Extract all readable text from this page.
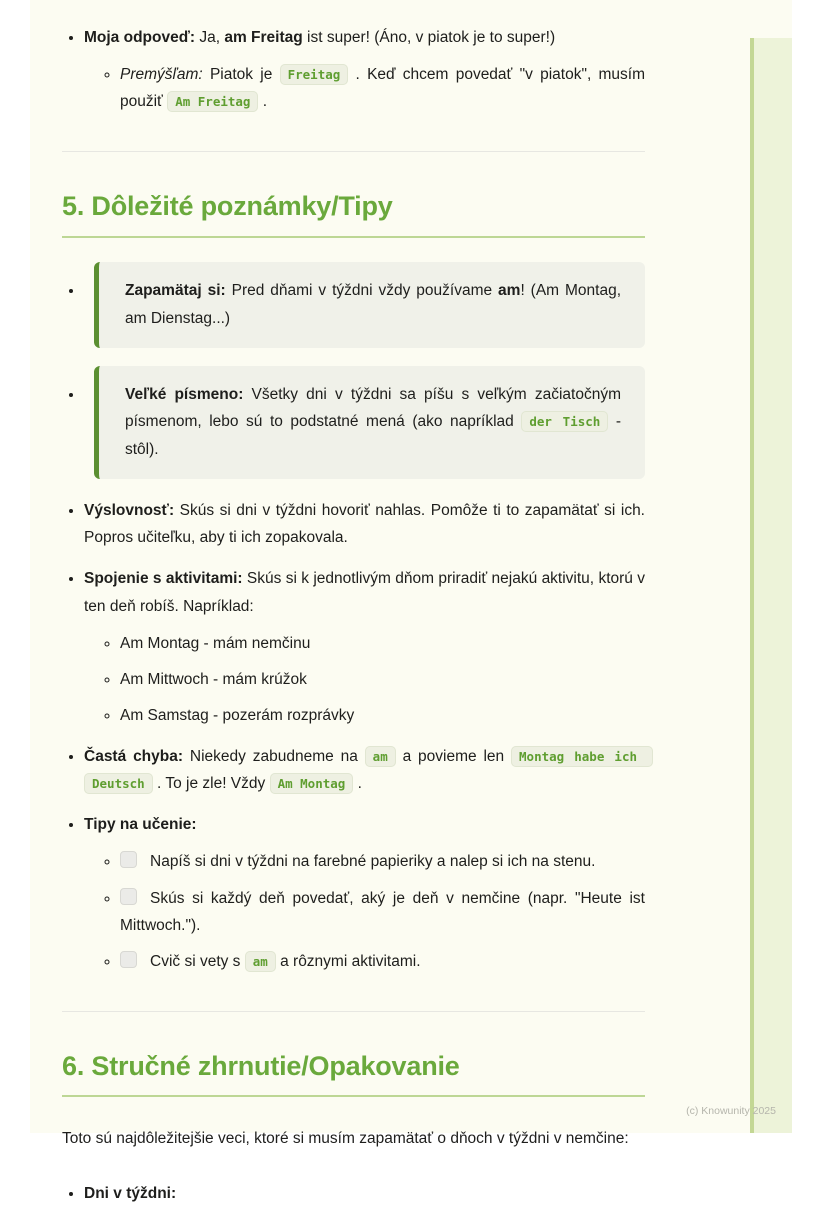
• Moja odpoveď: Ja, am Freitag ist super! (Áno, v piatok je to super!)
◦ Premýšľam: Piatok je Freitag . Keď chcem povedať "v piatok", musím použiť Am Freitag .
5. Dôležité poznámky/Tipy
• Zapamätaj si: Pred dňami v týždni vždy používame am! (Am Montag, am Dienstag...)
• Veľké písmeno: Všetky dni v týždni sa píšu s veľkým začiatočným písmenom, lebo sú to podstatné mená (ako napríklad der Tisch - stôl).
• Výslovnosť: Skús si dni v týždni hovoriť nahlas. Pomôže ti to zapamätať si ich. Popros učiteľku, aby ti ich zopakovala.
• Spojenie s aktivitami: Skús si k jednotlivým dňom priradiť nejakú aktivitu, ktorú v ten deň robíš. Napríklad:
◦ Am Montag - mám nemčinu
◦ Am Mittwoch - mám krúžok
◦ Am Samstag - pozerám rozprávky
• Častá chyba: Niekedy zabudneme na am a povieme len Montag habe ich Deutsch . To je zle! Vždy Am Montag .
• Tipy na učenie:
◦ Napíš si dni v týždni na farebné papieriky a nalep si ich na stenu.
◦ Skús si každý deň povedať, aký je deň v nemčine (napr. "Heute ist Mittwoch.").
◦ Cvič si vety s am a rôznymi aktivitami.
6. Stručné zhrnutie/Opakovanie

Toto sú najdôležitejšie veci, ktoré si musím zapamätať o dňoch v týždni v nemčine:

• Dni v týždni:
(c) Knowunity 2025
